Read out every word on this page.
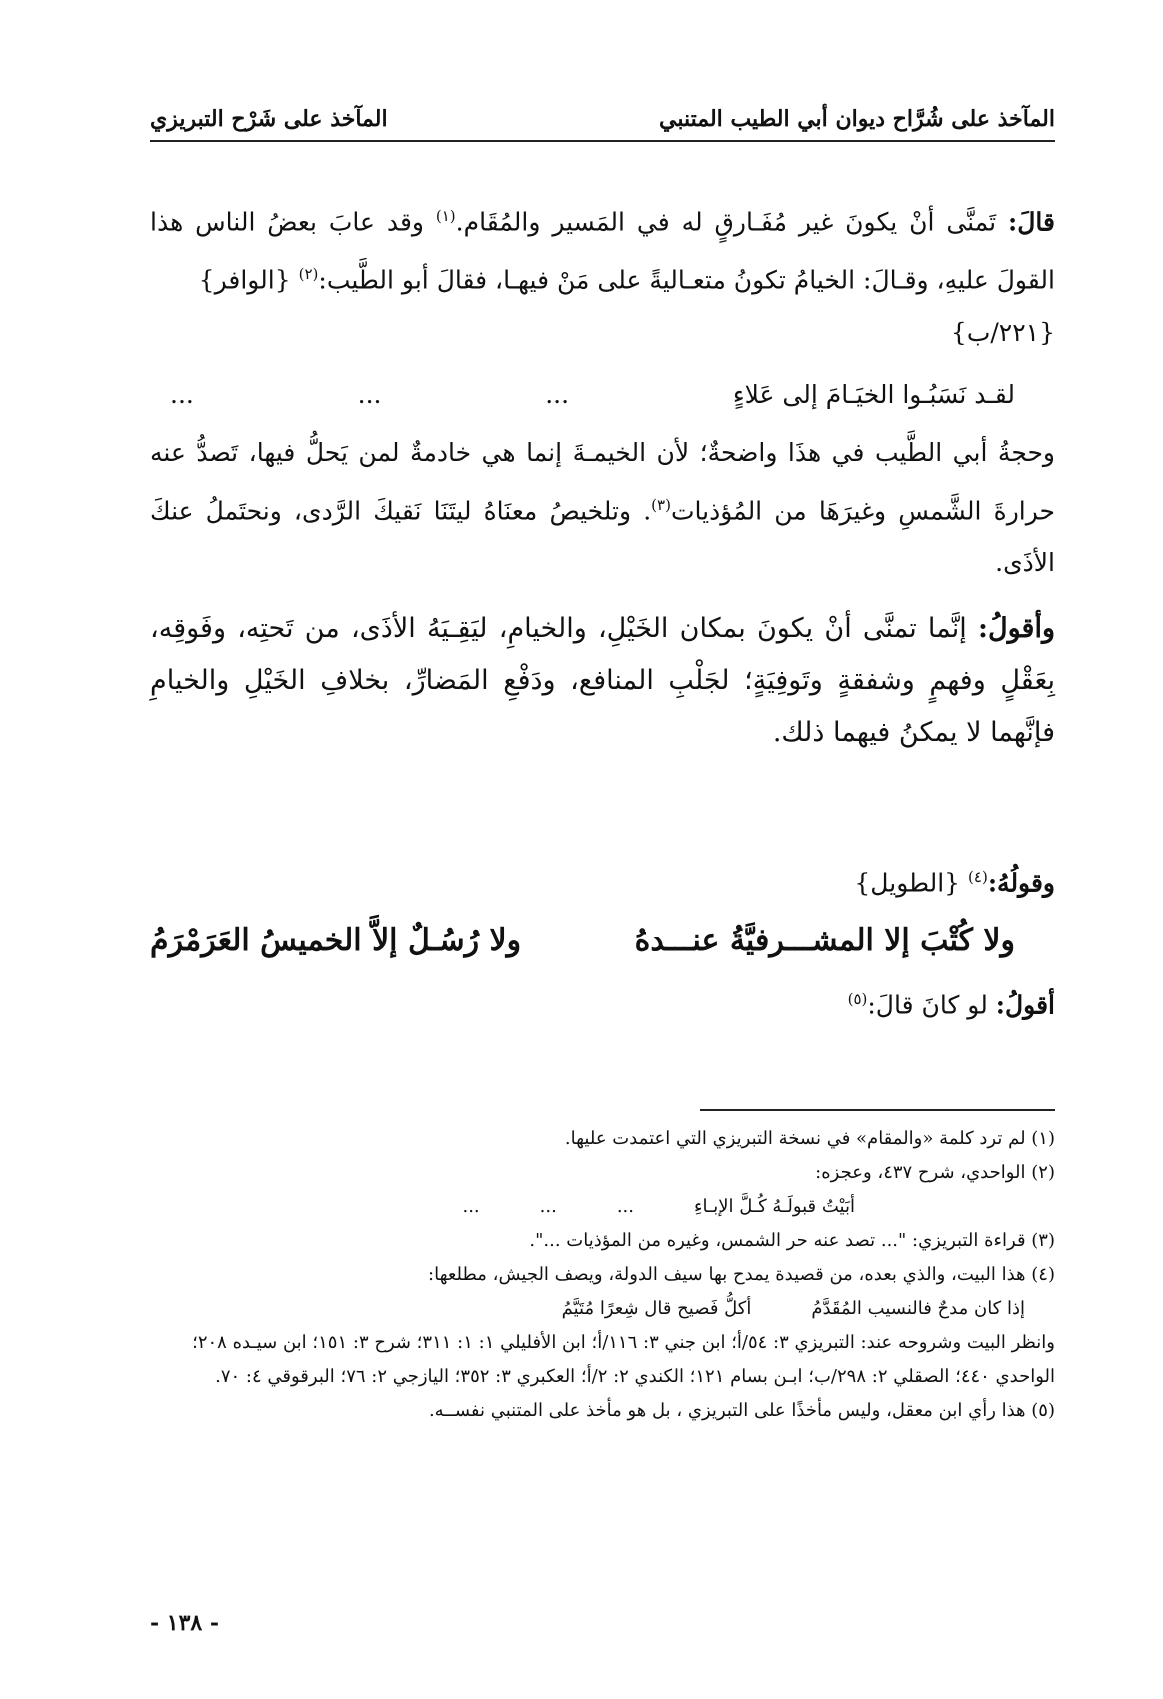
المآخذ على شُرَّاح ديوان أبي الطيب المتنبي
المآخذ على شَرْح التبريزي

قالَ: تَمنَّى أنْ يكونَ غير مُفَـارقٍ له في المَسير والمُقَام.$^{(١)}$ وقد عابَ بعضُ الناس هذا القولَ عليهِ، وقـالَ: الخيامُ تكونُ متعـاليةً على مَنْ فيهـا، فقالَ أبو الطَّيب:$^{(٢)}$ {الوافر}
{٢٢١/ب}

لقـد نَسَبُـوا الخيَـامَ إلى عَلاءٍ
...
...
...

وحجةُ أبي الطَّيب في هذَا واضحةٌ؛ لأن الخيمـةَ إنما هي خادمةٌ لمن يَحلُّ فيها، تَصدُّ عنه حرارةَ الشَّمسِ وغيرَهَا من المُؤذيات$^{(٣)}$. وتلخيصُ معنَاهُ ليتَنَا نَقيكَ الرَّدى، ونحتَملُ عنكَ الأذَى.

وأقولُ: إنَّما تمنَّى أنْ يكونَ بمكان الخَيْلِ، والخيامِ، ليَقِـيَهُ الأذَى، من تَحتِه، وفَوقِه، بِعَقْلٍ وفهمٍ وشفقةٍ وتَوفِيَةٍ؛ لجَلْبِ المنافع، ودَفْعِ المَضارِّ، بخلافِ الخَيْلِ والخيامِ فإنَّهما لا يمكنُ فيهما ذلك.

وقولُهُ:$^{(٤)}$ {الطويل}

ولا كُتْبَ إلا المشـــرفيَّةُ عنـــدهُ
ولا رُسُـلٌ إلاَّ الخميسُ العَرَمْرَمُ

أقولُ: لو كانَ قالَ:$^{(٥)}$

(١) لم ترد كلمة «والمقام» في نسخة التبريزي التي اعتمدت عليها.

(٢) الواحدي، شرح ٤٣٧، وعجزه:

أبَيْتُ قبولَـهُ كُـلَّ الإبـاءِ
...
...
...

(٣) قراءة التبريزي: "... تصد عنه حر الشمس، وغيره من المؤذيات ...".

(٤) هذا البيت، والذي بعده، من قصيدة يمدح بها سيف الدولة، ويصف الجيش، مطلعها:

إذا كان مدحٌ فالنسيب المُقَدَّمُ
أكلُّ فَصيح قال شِعرًا مُتَيَّمُ

وانظر البيت وشروحه عند: التبريزي ٣: ٥٤/أ؛ ابن جني ٣: ١١٦/أ؛ ابن الأفليلي ١: ١: ٣١١؛ شرح ٣: ١٥١؛ ابن سيـده ٢٠٨؛ الواحدي ٤٤٠؛ الصقلي ٢: ٢٩٨/ب؛ ابـن بسام ١٢١؛ الكندي ٢: ٢/أ؛ العكبري ٣: ٣٥٢؛ اليازجي ٢: ٧٦؛ البرقوقي ٤: ٧٠.

(٥) هذا رأي ابن معقل، وليس مأخذًا على التبريزي ، بل هو مأخذ على المتنبي نفســه.

- ١٣٨ -
